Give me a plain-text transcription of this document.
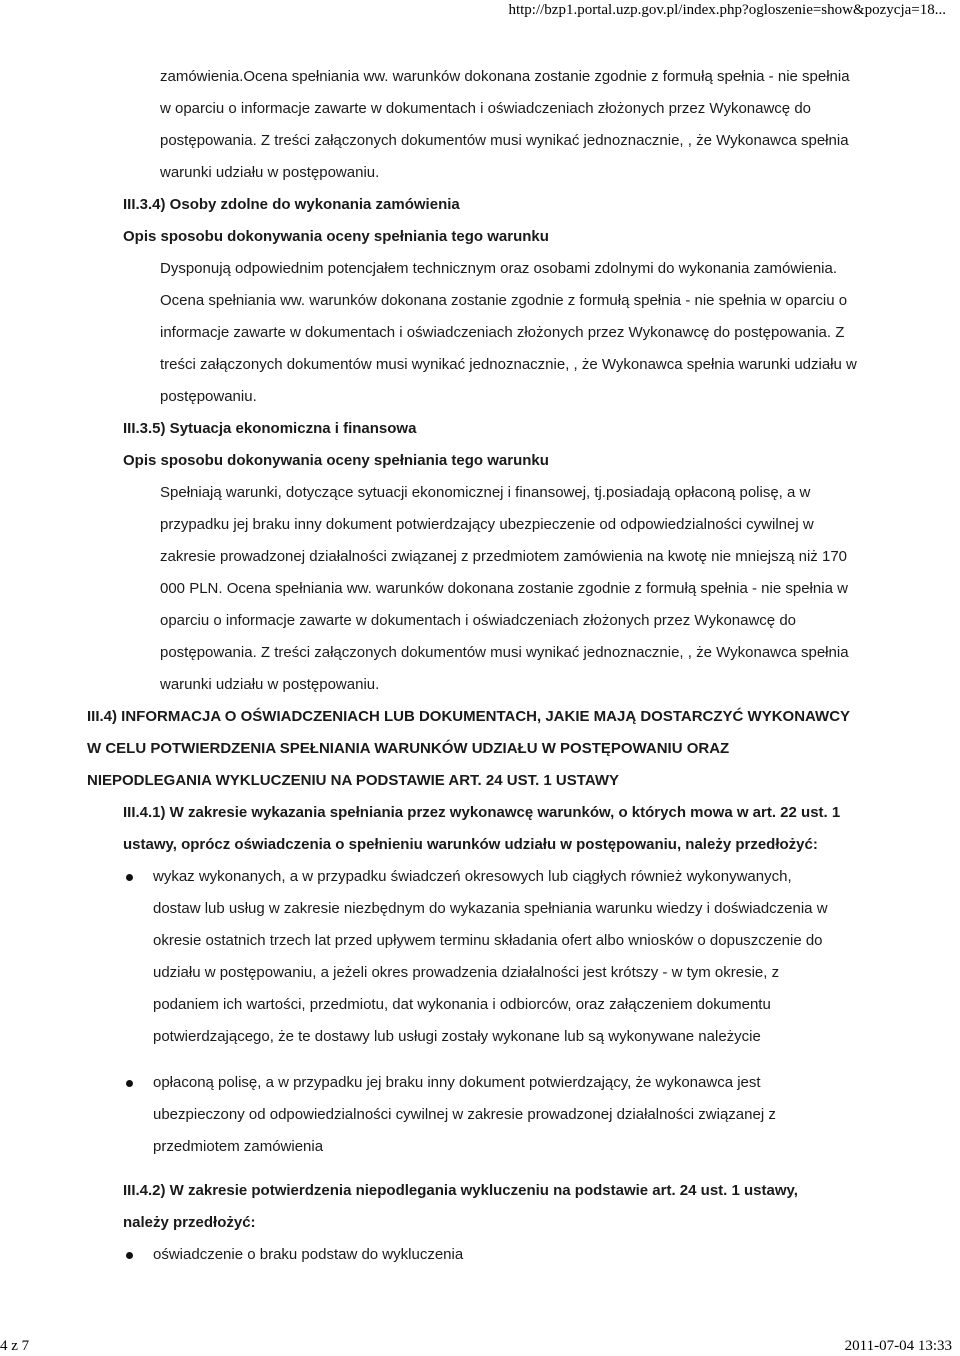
http://bzp1.portal.uzp.gov.pl/index.php?ogloszenie=show&pozycja=18...
zamówienia.Ocena spełniania ww. warunków dokonana zostanie zgodnie z formułą spełnia - nie spełnia
w oparciu o informacje zawarte w dokumentach i oświadczeniach złożonych przez Wykonawcę do
postępowania. Z treści załączonych dokumentów musi wynikać jednoznacznie, , że Wykonawca spełnia
warunki udziału w postępowaniu.
III.3.4) Osoby zdolne do wykonania zamówienia
Opis sposobu dokonywania oceny spełniania tego warunku
Dysponują odpowiednim potencjałem technicznym oraz osobami zdolnymi do wykonania zamówienia.
Ocena spełniania ww. warunków dokonana zostanie zgodnie z formułą spełnia - nie spełnia w oparciu o
informacje zawarte w dokumentach i oświadczeniach złożonych przez Wykonawcę do postępowania. Z
treści załączonych dokumentów musi wynikać jednoznacznie, , że Wykonawca spełnia warunki udziału w
postępowaniu.
III.3.5) Sytuacja ekonomiczna i finansowa
Opis sposobu dokonywania oceny spełniania tego warunku
Spełniają warunki, dotyczące sytuacji ekonomicznej i finansowej, tj.posiadają opłaconą polisę, a w
przypadku jej braku inny dokument potwierdzający ubezpieczenie od odpowiedzialności cywilnej w
zakresie prowadzonej działalności związanej z przedmiotem zamówienia na kwotę nie mniejszą niż 170
000 PLN. Ocena spełniania ww. warunków dokonana zostanie zgodnie z formułą spełnia - nie spełnia w
oparciu o informacje zawarte w dokumentach i oświadczeniach złożonych przez Wykonawcę do
postępowania. Z treści załączonych dokumentów musi wynikać jednoznacznie, , że Wykonawca spełnia
warunki udziału w postępowaniu.
III.4) INFORMACJA O OŚWIADCZENIACH LUB DOKUMENTACH, JAKIE MAJĄ DOSTARCZYĆ WYKONAWCY
W CELU POTWIERDZENIA SPEŁNIANIA WARUNKÓW UDZIAŁU W POSTĘPOWANIU ORAZ
NIEPODLEGANIA WYKLUCZENIU NA PODSTAWIE ART. 24 UST. 1 USTAWY
III.4.1) W zakresie wykazania spełniania przez wykonawcę warunków, o których mowa w art. 22 ust. 1
ustawy, oprócz oświadczenia o spełnieniu warunków udziału w postępowaniu, należy przedłożyć:
wykaz wykonanych, a w przypadku świadczeń okresowych lub ciągłych również wykonywanych,
dostaw lub usług w zakresie niezbędnym do wykazania spełniania warunku wiedzy i doświadczenia w
okresie ostatnich trzech lat przed upływem terminu składania ofert albo wniosków o dopuszczenie do
udziału w postępowaniu, a jeżeli okres prowadzenia działalności jest krótszy - w tym okresie, z
podaniem ich wartości, przedmiotu, dat wykonania i odbiorców, oraz załączeniem dokumentu
potwierdzającego, że te dostawy lub usługi zostały wykonane lub są wykonywane należycie
opłaconą polisę, a w przypadku jej braku inny dokument potwierdzający, że wykonawca jest
ubezpieczony od odpowiedzialności cywilnej w zakresie prowadzonej działalności związanej z
przedmiotem zamówienia
III.4.2) W zakresie potwierdzenia niepodlegania wykluczeniu na podstawie art. 24 ust. 1 ustawy,
należy przedłożyć:
oświadczenie o braku podstaw do wykluczenia
4 z 7	2011-07-04 13:33
